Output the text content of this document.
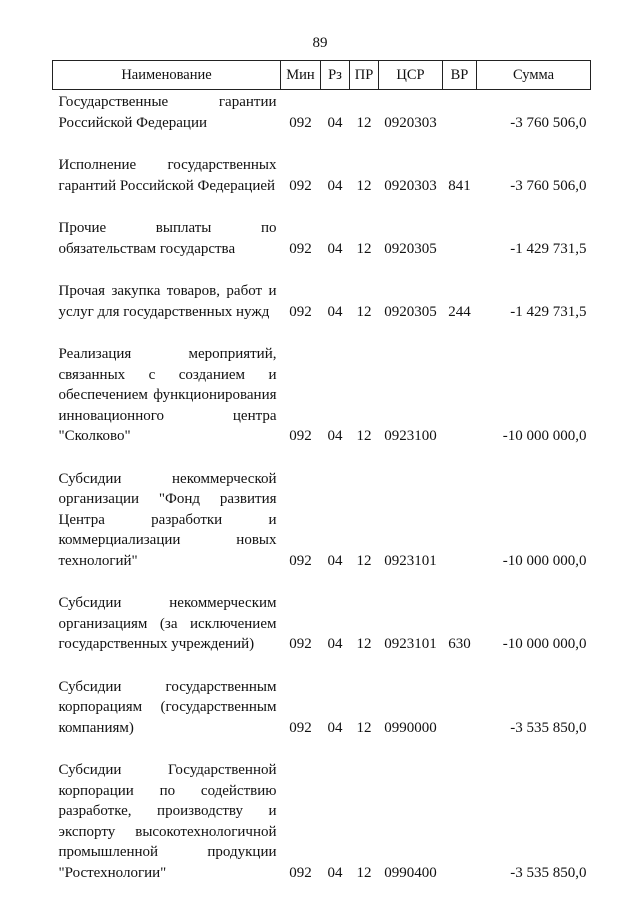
89
Наименование	Мин	Рз	ПР	ЦСР	ВР	Сумма

Государственные гарантии Российской Федерации	092	04	12	0920303		-3 760 506,0

Исполнение государственных гарантий Российской Федерацией	092	04	12	0920303	841	-3 760 506,0

Прочие выплаты по обязательствам государства	092	04	12	0920305		-1 429 731,5

Прочая закупка товаров, работ и услуг для государственных нужд	092	04	12	0920305	244	-1 429 731,5

Реализация мероприятий, связанных с созданием и обеспечением функционирования инновационного центра "Сколково"	092	04	12	0923100		-10 000 000,0

Субсидии некоммерческой организации "Фонд развития Центра разработки и коммерциализации новых технологий"	092	04	12	0923101		-10 000 000,0

Субсидии некоммерческим организациям (за исключением государственных учреждений)	092	04	12	0923101	630	-10 000 000,0

Субсидии государственным корпорациям (государственным компаниям)	092	04	12	0990000		-3 535 850,0

Субсидии Государственной корпорации по содействию разработке, производству и экспорту высокотехнологичной промышленной продукции "Ростехнологии"	092	04	12	0990400		-3 535 850,0
